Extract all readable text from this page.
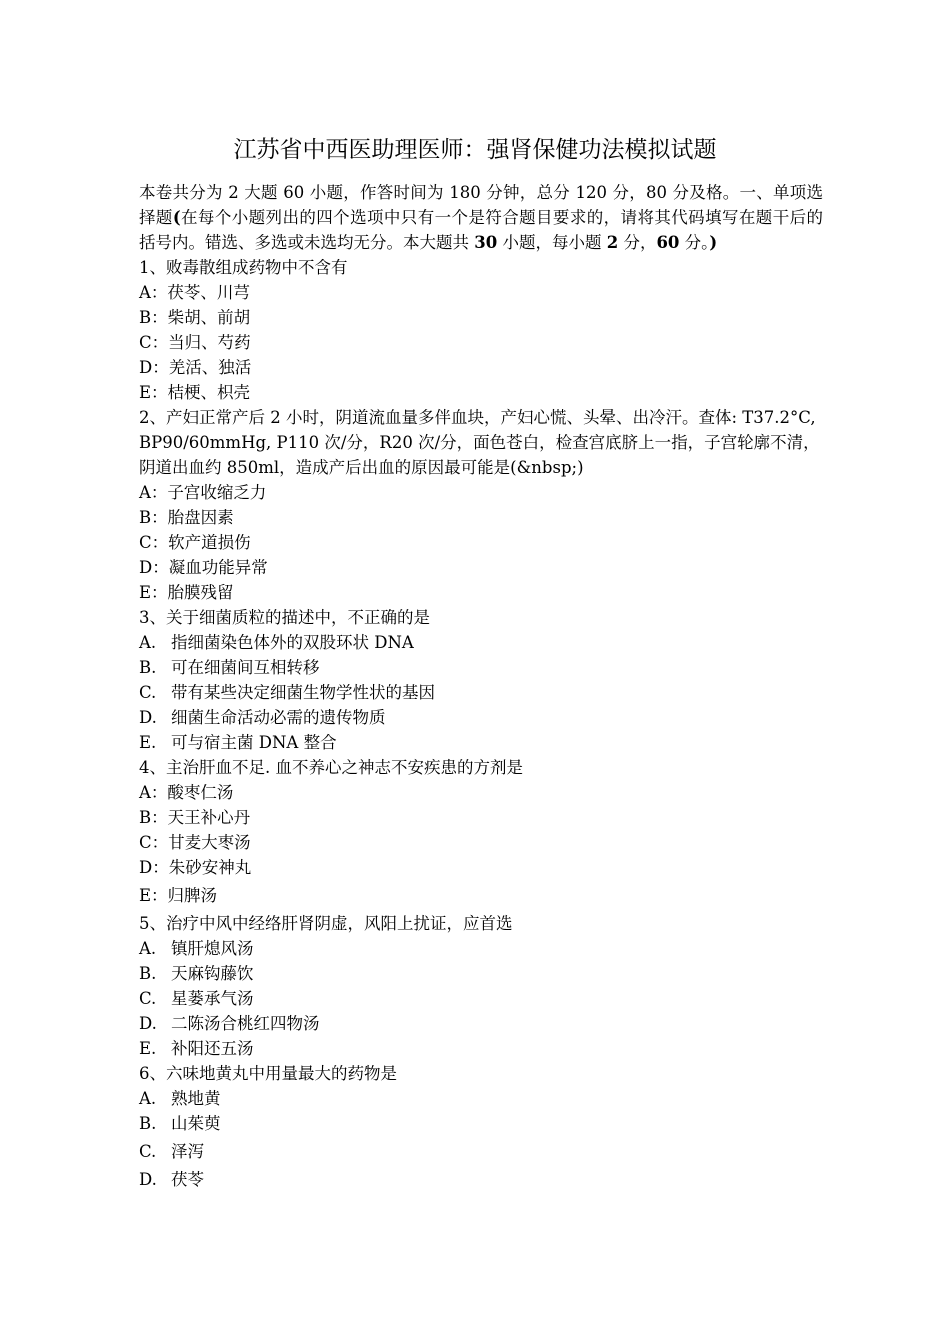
江苏省中西医助理医师：强肾保健功法模拟试题

本卷共分为 2 大题 60 小题，作答时间为 180 分钟，总分 120 分，80 分及格。一、单项选择题(在每个小题列出的四个选项中只有一个是符合题目要求的，请将其代码填写在题干后的括号内。错选、多选或未选均无分。本大题共 30 小题，每小题 2 分，60 分。)

1、败毒散组成药物中不含有

A：茯苓、川芎

B：柴胡、前胡

C：当归、芍药

D：羌活、独活

E：桔梗、枳壳

2、产妇正常产后 2 小时，阴道流血量多伴血块，产妇心慌、头晕、出冷汗。查体: T37.2°C, BP90/60mmHg, P110 次/分，R20 次/分，面色苍白，检查宫底脐上一指，子宫轮廓不清，阴道出血约 850ml，造成产后出血的原因最可能是(&nbsp;)

A：子宫收缩乏力

B：胎盘因素

C：软产道损伤

D：凝血功能异常

E：胎膜残留

3、关于细菌质粒的描述中，不正确的是

A. 指细菌染色体外的双股环状 DNA

B. 可在细菌间互相转移

C. 带有某些决定细菌生物学性状的基因

D. 细菌生命活动必需的遗传物质

E. 可与宿主菌 DNA 整合

4、主治肝血不足. 血不养心之神志不安疾患的方剂是

A：酸枣仁汤

B：天王补心丹

C：甘麦大枣汤

D：朱砂安神丸

E：归脾汤

5、治疗中风中经络肝肾阴虚，风阳上扰证，应首选

A. 镇肝熄风汤

B. 天麻钩藤饮

C. 星蒌承气汤

D. 二陈汤合桃红四物汤

E. 补阳还五汤

6、六味地黄丸中用量最大的药物是

A. 熟地黄

B. 山茱萸

C. 泽泻

D. 茯苓
